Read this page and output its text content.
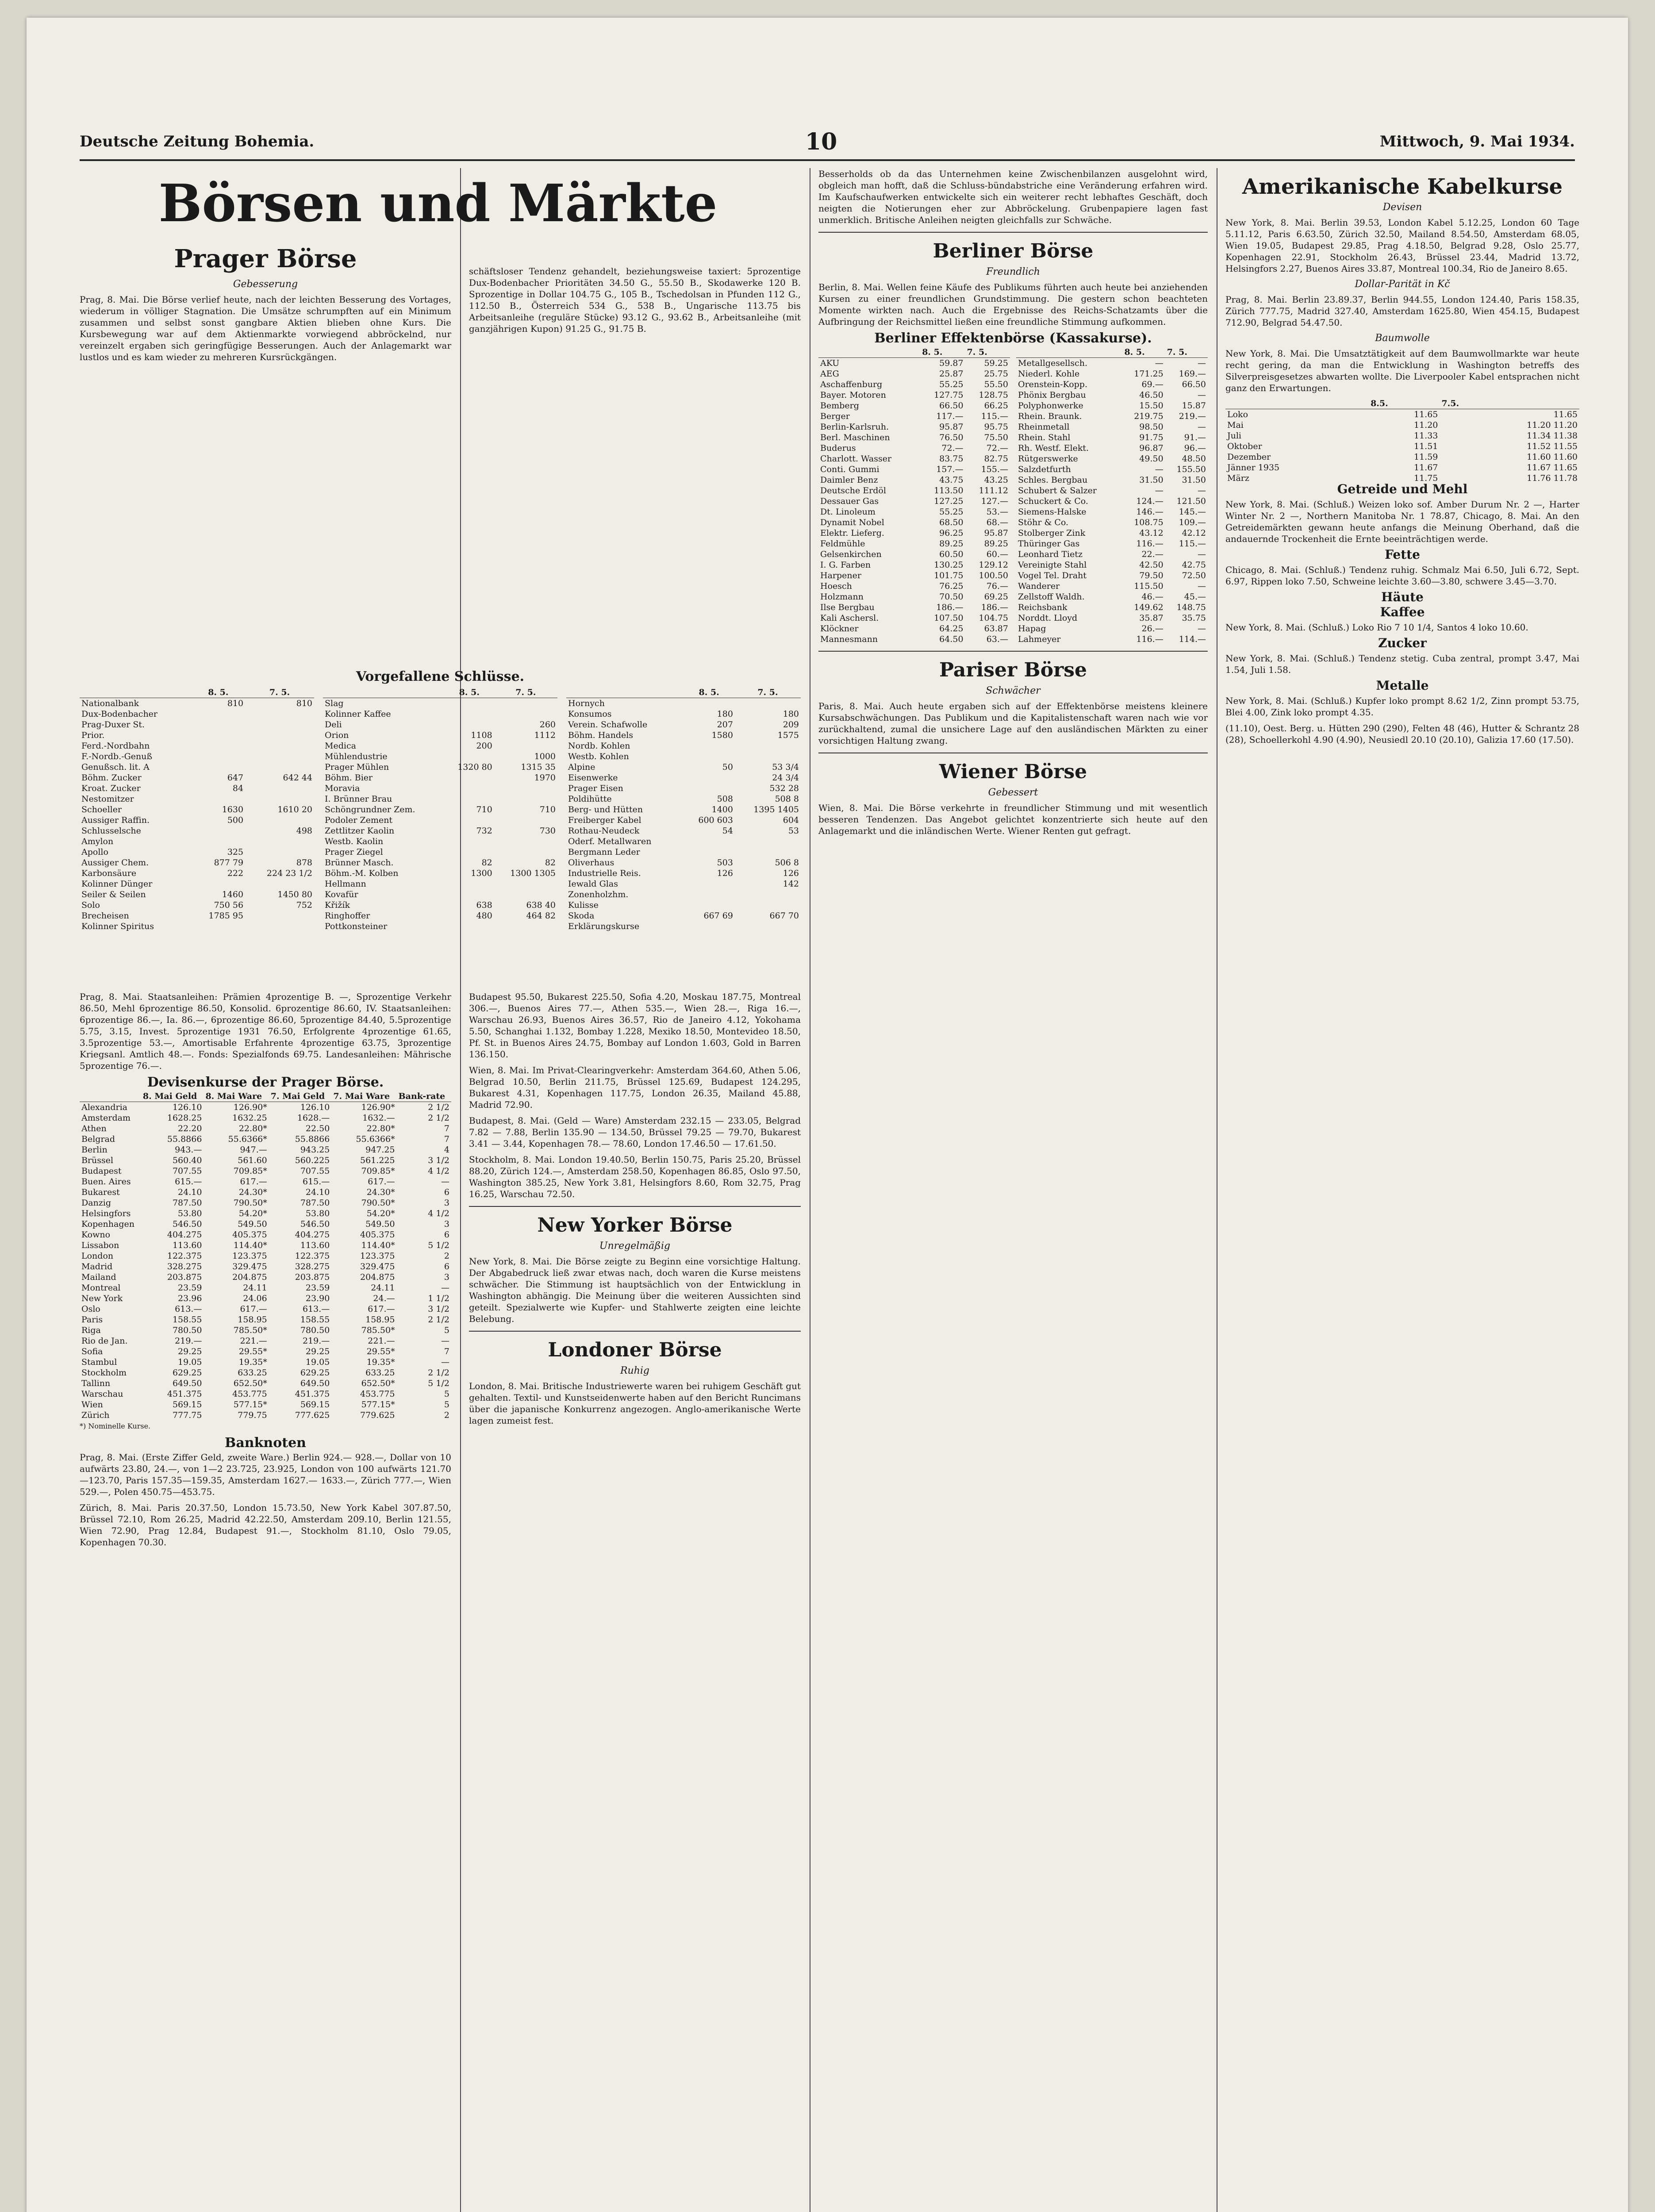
Deutsche Zeitung Bohemia.	10	Mittwoch, 9. Mai 1934.
Börsen und Märkte
Prager Börse
Gebesserung

Prag, 8. Mai. Die Börse verlief heute, nach der leichten Besserung des Vortages, wiederum in völliger Stagnation. Die Umsätze schrumpften auf ein Minimum zusammen und selbst sonst gangbare Aktien blieben ohne Kurs. Die Kursbewegung war auf dem Aktienmarkte vorwiegend abbröckelnd, nur vereinzelt ergaben sich geringfügige Besserungen. Auch der Anlagemarkt war lustlos und es kam wieder zu mehreren Kursrückgängen.

schäftsloser Tendenz gehandelt, beziehungsweise taxiert: 5prozentige Dux-Bodenbacher Prioritäten 34.50 G., 55.50 B., Skodawerke 120 B. Sprozentige in Dollar 104.75 G., 105 B., Tschedolsan in Pfunden 112 G., 112.50 B., Österreich 534 G., 538 B., Ungarische 113.75 bis Arbeitsanleihe (reguläre Stücke) 93.12 G., 93.62 B., Arbeitsanleihe (mit ganzjährigen Kupon) 91.25 G., 91.75 B.

Vorgefallene Schlüsse.
	8. 5.	7. 5.
Nationalbank	810	810
Dux-Bodenbacher		
Prag-Duxer St.		
Prior.		
Ferd.-Nordbahn		
F.-Nordb.-Genuß		
Genußsch. lit. A		
Böhm. Zucker	647	642 44
Kroat. Zucker	84	
Nestomitzer		
Schoeller	1630	1610 20
Aussiger Raffin.	500	
Schlusselsche		498
Amylon		
Apollo	325	
Aussiger Chem.	877 79	878
Karbonsäure	222	224 23 1/2
Kolinner Dünger		
Seiler & Seilen	1460	1450 80
Solo	750 56	752
Brecheisen	1785 95	
Kolinner Spiritus		
	8. 5.	7. 5.
Slag		
Kolinner Kaffee		
Deli		260
Orion	1108	1112
Medica	200	
Mühlendustrie		1000
Prager Mühlen	1320 80	1315 35
Böhm. Bier		1970
Moravia		
I. Brünner Brau		
Schöngrundner Zem.	710	710
Podoler Zement		
Zettlitzer Kaolin	732	730
Westb. Kaolin		
Prager Ziegel		
Brünner Masch.	82	82
Böhm.-M. Kolben	1300	1300 1305
Hellmann		
Kovafür		
Křižík	638	638 40
Ringhoffer	480	464 82
Pottkonsteiner		
	8. 5.	7. 5.
Hornych		
Konsumos	180	180
Verein. Schafwolle	207	209
Böhm. Handels	1580	1575
Nordb. Kohlen		
Westb. Kohlen		
Alpine	50	53 3/4
Eisenwerke		24 3/4
Prager Eisen		532 28
Poldihütte	508	508 8
Berg- und Hütten	1400	1395 1405
Freiberger Kabel	600 603	604
Rothau-Neudeck	54	53
Oderf. Metallwaren		
Bergmann Leder		
Oliverhaus	503	506 8
Industrielle Reis.	126	126
Iewald Glas		142
Zonenholzhm.		
Kulisse		
Skoda	667 69	667 70
Erklärungskurse		

Prag, 8. Mai. Staatsanleihen: Prämien 4prozentige B. —, Sprozentige Verkehr 86.50, Mehl 6prozentige 86.50, Konsolid. 6prozentige 86.60, IV. Staatsanleihen: 6prozentige 86.—, Ia. 86.—, 6prozentige 86.60, 5prozentige 84.40, 5.5prozentige 5.75, 3.15, Invest. 5prozentige 1931 76.50, Erfolgrente 4prozentige 61.65, 3.5prozentige 53.—, Amortisable Erfahrente 4prozentige 63.75, 3prozentige Kriegsanl. Amtlich 48.—. Fonds: Spezialfonds 69.75. Landesanleihen: Mährische 5prozentige 76.—.

Devisenkurse der Prager Börse.
	8. Mai Geld	8. Mai Ware	7. Mai Geld	7. Mai Ware	Bank-rate
Alexandria	126.10	126.90*	126.10	126.90*	2 1/2
Amsterdam	1628.25	1632.25	1628.—	1632.—	2 1/2
Athen	22.20	22.80*	22.50	22.80*	7
Belgrad	55.8866	55.6366*	55.8866	55.6366*	7
Berlin	943.—	947.—	943.25	947.25	4
Brüssel	560.40	561.60	560.225	561.225	3 1/2
Budapest	707.55	709.85*	707.55	709.85*	4 1/2
Buen. Aires	615.—	617.—	615.—	617.—	—
Bukarest	24.10	24.30*	24.10	24.30*	6
Danzig	787.50	790.50*	787.50	790.50*	3
Helsingfors	53.80	54.20*	53.80	54.20*	4 1/2
Kopenhagen	546.50	549.50	546.50	549.50	3
Kowno	404.275	405.375	404.275	405.375	6
Lissabon	113.60	114.40*	113.60	114.40*	5 1/2
London	122.375	123.375	122.375	123.375	2
Madrid	328.275	329.475	328.275	329.475	6
Mailand	203.875	204.875	203.875	204.875	3
Montreal	23.59	24.11	23.59	24.11	—
New York	23.96	24.06	23.90	24.—	1 1/2
Oslo	613.—	617.—	613.—	617.—	3 1/2
Paris	158.55	158.95	158.55	158.95	2 1/2
Riga	780.50	785.50*	780.50	785.50*	5
Rio de Jan.	219.—	221.—	219.—	221.—	—
Sofia	29.25	29.55*	29.25	29.55*	7
Stambul	19.05	19.35*	19.05	19.35*	—
Stockholm	629.25	633.25	629.25	633.25	2 1/2
Tallinn	649.50	652.50*	649.50	652.50*	5 1/2
Warschau	451.375	453.775	451.375	453.775	5
Wien	569.15	577.15*	569.15	577.15*	5
Zürich	777.75	779.75	777.625	779.625	2
*) Nominelle Kurse.
Banknoten

Prag, 8. Mai. (Erste Ziffer Geld, zweite Ware.) Berlin 924.— 928.—, Dollar von 10 aufwärts 23.80, 24.—, von 1—2 23.725, 23.925, London von 100 aufwärts 121.70—123.70, Paris 157.35—159.35, Amsterdam 1627.— 1633.—, Zürich 777.—, Wien 529.—, Polen 450.75—453.75.

Zürich, 8. Mai. Paris 20.37.50, London 15.73.50, New York Kabel 307.87.50, Brüssel 72.10, Rom 26.25, Madrid 42.22.50, Amsterdam 209.10, Berlin 121.55, Wien 72.90, Prag 12.84, Budapest 91.—, Stockholm 81.10, Oslo 79.05, Kopenhagen 70.30.

Budapest 95.50, Bukarest 225.50, Sofia 4.20, Moskau 187.75, Montreal 306.—, Buenos Aires 77.—, Athen 535.—, Wien 28.—, Riga 16.—, Warschau 26.93, Buenos Aires 36.57, Rio de Janeiro 4.12, Yokohama 5.50, Schanghai 1.132, Bombay 1.228, Mexiko 18.50, Montevideo 18.50, Pf. St. in Buenos Aires 24.75, Bombay auf London 1.603, Gold in Barren 136.150.

Wien, 8. Mai. Im Privat-Clearingverkehr: Amsterdam 364.60, Athen 5.06, Belgrad 10.50, Berlin 211.75, Brüssel 125.69, Budapest 124.295, Bukarest 4.31, Kopenhagen 117.75, London 26.35, Mailand 45.88, Madrid 72.90.

Budapest, 8. Mai. (Geld — Ware) Amsterdam 232.15 — 233.05, Belgrad 7.82 — 7.88, Berlin 135.90 — 134.50, Brüssel 79.25 — 79.70, Bukarest 3.41 — 3.44, Kopenhagen 78.— 78.60, London 17.46.50 — 17.61.50.

Stockholm, 8. Mai. London 19.40.50, Berlin 150.75, Paris 25.20, Brüssel 88.20, Zürich 124.—, Amsterdam 258.50, Kopenhagen 86.85, Oslo 97.50, Washington 385.25, New York 3.81, Helsingfors 8.60, Rom 32.75, Prag 16.25, Warschau 72.50.

New Yorker Börse
Unregelmäßig

New York, 8. Mai. Die Börse zeigte zu Beginn eine vorsichtige Haltung. Der Abgabedruck ließ zwar etwas nach, doch waren die Kurse meistens schwächer. Die Stimmung ist hauptsächlich von der Entwicklung in Washington abhängig. Die Meinung über die weiteren Aussichten sind geteilt. Spezialwerte wie Kupfer- und Stahlwerte zeigten eine leichte Belebung.

Londoner Börse
Ruhig

London, 8. Mai. Britische Industriewerte waren bei ruhigem Geschäft gut gehalten. Textil- und Kunstseidenwerte haben auf den Bericht Runcimans über die japanische Konkurrenz angezogen. Anglo-amerikanische Werte lagen zumeist fest.

Besserholds ob da das Unternehmen keine Zwischenbilanzen ausgelohnt wird, obgleich man hofft, daß die Schluss-bündabstriche eine Veränderung erfahren wird. Im Kaufschaufwerken entwickelte sich ein weiterer recht lebhaftes Geschäft, doch neigten die Notierungen eher zur Abbröckelung. Grubenpapiere lagen fast unmerklich. Britische Anleihen neigten gleichfalls zur Schwäche.

Berliner Börse
Freundlich

Berlin, 8. Mai. Wellen feine Käufe des Publikums führten auch heute bei anziehenden Kursen zu einer freundlichen Grundstimmung. Die gestern schon beachteten Momente wirkten nach. Auch die Ergebnisse des Reichs-Schatzamts über die Aufbringung der Reichsmittel ließen eine freundliche Stimmung aufkommen.

Berliner Effektenbörse (Kassakurse).
	8. 5.	7. 5.
AKU	59.87	59.25
AEG	25.87	25.75
Aschaffenburg	55.25	55.50
Bayer. Motoren	127.75	128.75
Bemberg	66.50	66.25
Berger	117.—	115.—
Berlin-Karlsruh.	95.87	95.75
Berl. Maschinen	76.50	75.50
Buderus	72.—	72.—
Charlott. Wasser	83.75	82.75
Conti. Gummi	157.—	155.—
Daimler Benz	43.75	43.25
Deutsche Erdöl	113.50	111.12
Dessauer Gas	127.25	127.—
Dt. Linoleum	55.25	53.—
Dynamit Nobel	68.50	68.—
Elektr. Lieferg.	96.25	95.87
Feldmühle	89.25	89.25
Gelsenkirchen	60.50	60.—
I. G. Farben	130.25	129.12
Harpener	101.75	100.50
Hoesch	76.25	76.—
Holzmann	70.50	69.25
Ilse Bergbau	186.—	186.—
Kali Aschersl.	107.50	104.75
Klöckner	64.25	63.87
Mannesmann	64.50	63.—
	8. 5.	7. 5.
Metallgesellsch.	—	—
Niederl. Kohle	171.25	169.—
Orenstein-Kopp.	69.—	66.50
Phönix Bergbau	46.50	—
Polyphonwerke	15.50	15.87
Rhein. Braunk.	219.75	219.—
Rheinmetall	98.50	—
Rhein. Stahl	91.75	91.—
Rh. Westf. Elekt.	96.87	96.—
Rütgerswerke	49.50	48.50
Salzdetfurth	—	155.50
Schles. Bergbau	31.50	31.50
Schubert & Salzer	—	—
Schuckert & Co.	124.—	121.50
Siemens-Halske	146.—	145.—
Stöhr & Co.	108.75	109.—
Stolberger Zink	43.12	42.12
Thüringer Gas	116.—	115.—
Leonhard Tietz	22.—	—
Vereinigte Stahl	42.50	42.75
Vogel Tel. Draht	79.50	72.50
Wanderer	115.50	—
Zellstoff Waldh.	46.—	45.—
Reichsbank	149.62	148.75
Norddt. Lloyd	35.87	35.75
Hapag	26.—	—
Lahmeyer	116.—	114.—
Pariser Börse
Schwächer

Paris, 8. Mai. Auch heute ergaben sich auf der Effektenbörse meistens kleinere Kursabschwächungen. Das Publikum und die Kapitalistenschaft waren nach wie vor zurückhaltend, zumal die unsichere Lage auf den ausländischen Märkten zu einer vorsichtigen Haltung zwang.

Wiener Börse
Gebessert

Wien, 8. Mai. Die Börse verkehrte in freundlicher Stimmung und mit wesentlich besseren Tendenzen. Das Angebot gelichtet konzentrierte sich heute auf den Anlagemarkt und die inländischen Werte. Wiener Renten gut gefragt.

Amerikanische Kabelkurse
Devisen

New York, 8. Mai. Berlin 39.53, London Kabel 5.12.25, London 60 Tage 5.11.12, Paris 6.63.50, Zürich 32.50, Mailand 8.54.50, Amsterdam 68.05, Wien 19.05, Budapest 29.85, Prag 4.18.50, Belgrad 9.28, Oslo 25.77, Kopenhagen 22.91, Stockholm 26.43, Brüssel 23.44, Madrid 13.72, Helsingfors 2.27, Buenos Aires 33.87, Montreal 100.34, Rio de Janeiro 8.65.

Dollar-Parität in Kč

Prag, 8. Mai. Berlin 23.89.37, Berlin 944.55, London 124.40, Paris 158.35, Zürich 777.75, Madrid 327.40, Amsterdam 1625.80, Wien 454.15, Budapest 712.90, Belgrad 54.47.50.

Baumwolle

New York, 8. Mai. Die Umsatztätigkeit auf dem Baumwollmarkte war heute recht gering, da man die Entwicklung in Washington betreffs des Silverpreisgesetzes abwarten wollte. Die Liverpooler Kabel entsprachen nicht ganz den Erwartungen.

	8.5.	7.5.
Loko	11.65	11.65
Mai	11.20	11.20 11.20
Juli	11.33	11.34 11.38
Oktober	11.51	11.52 11.55
Dezember	11.59	11.60 11.60
Jänner 1935	11.67	11.67 11.65
März	11.75	11.76 11.78
Getreide und Mehl

New York, 8. Mai. (Schluß.) Weizen loko sof. Amber Durum Nr. 2 —, Harter Winter Nr. 2 —, Northern Manitoba Nr. 1 78.87, Chicago, 8. Mai. An den Getreidemärkten gewann heute anfangs die Meinung Oberhand, daß die andauernde Trockenheit die Ernte beeinträchtigen werde.

Fette

Chicago, 8. Mai. (Schluß.) Tendenz ruhig. Schmalz Mai 6.50, Juli 6.72, Sept. 6.97, Rippen loko 7.50, Schweine leichte 3.60—3.80, schwere 3.45—3.70.

Häute
Kaffee

New York, 8. Mai. (Schluß.) Loko Rio 7 10 1/4, Santos 4 loko 10.60.

Zucker

New York, 8. Mai. (Schluß.) Tendenz stetig. Cuba zentral, prompt 3.47, Mai 1.54, Juli 1.58.

Metalle

New York, 8. Mai. (Schluß.) Kupfer loko prompt 8.62 1/2, Zinn prompt 53.75, Blei 4.00, Zink loko prompt 4.35.

(11.10), Oest. Berg. u. Hütten 290 (290), Felten 48 (46), Hutter & Schrantz 28 (28), Schoellerkohl 4.90 (4.90), Neusiedl 20.10 (20.10), Galizia 17.60 (17.50).
